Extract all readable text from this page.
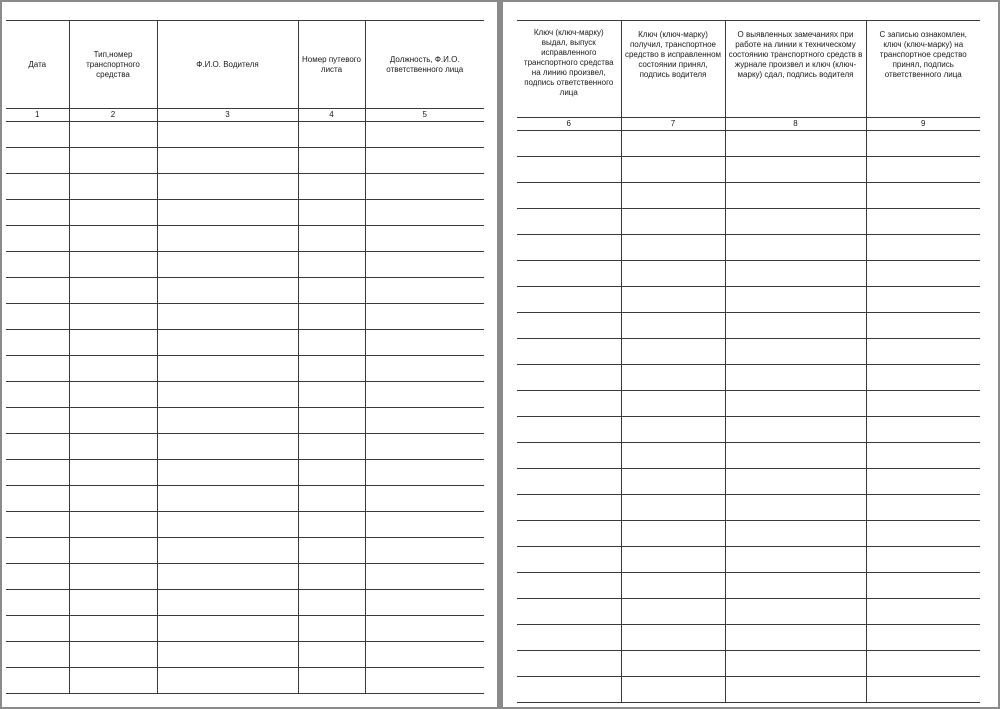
Дата	Тип,номер транспортного средства	Ф.И.О. Водителя	Номер путевого листа	Должность, Ф.И.О. ответственного лица

1	2	3	4	5

Ключ (ключ-марку) выдал, выпуск исправленного транспортного средства на линию произвел, подпись ответственного лица	Ключ (ключ-марку) получил, транспортное средство в исправленном состоянии принял, подпись водителя	О выявленных замечаниях при работе на линии к техническому состоянию транспортного средств в журнале произвел и ключ (ключ-марку) сдал, подпись водителя	С записью ознакомлен, ключ (ключ-марку) на транспортное средство принял, подпись ответственного лица

6	7	8	9
